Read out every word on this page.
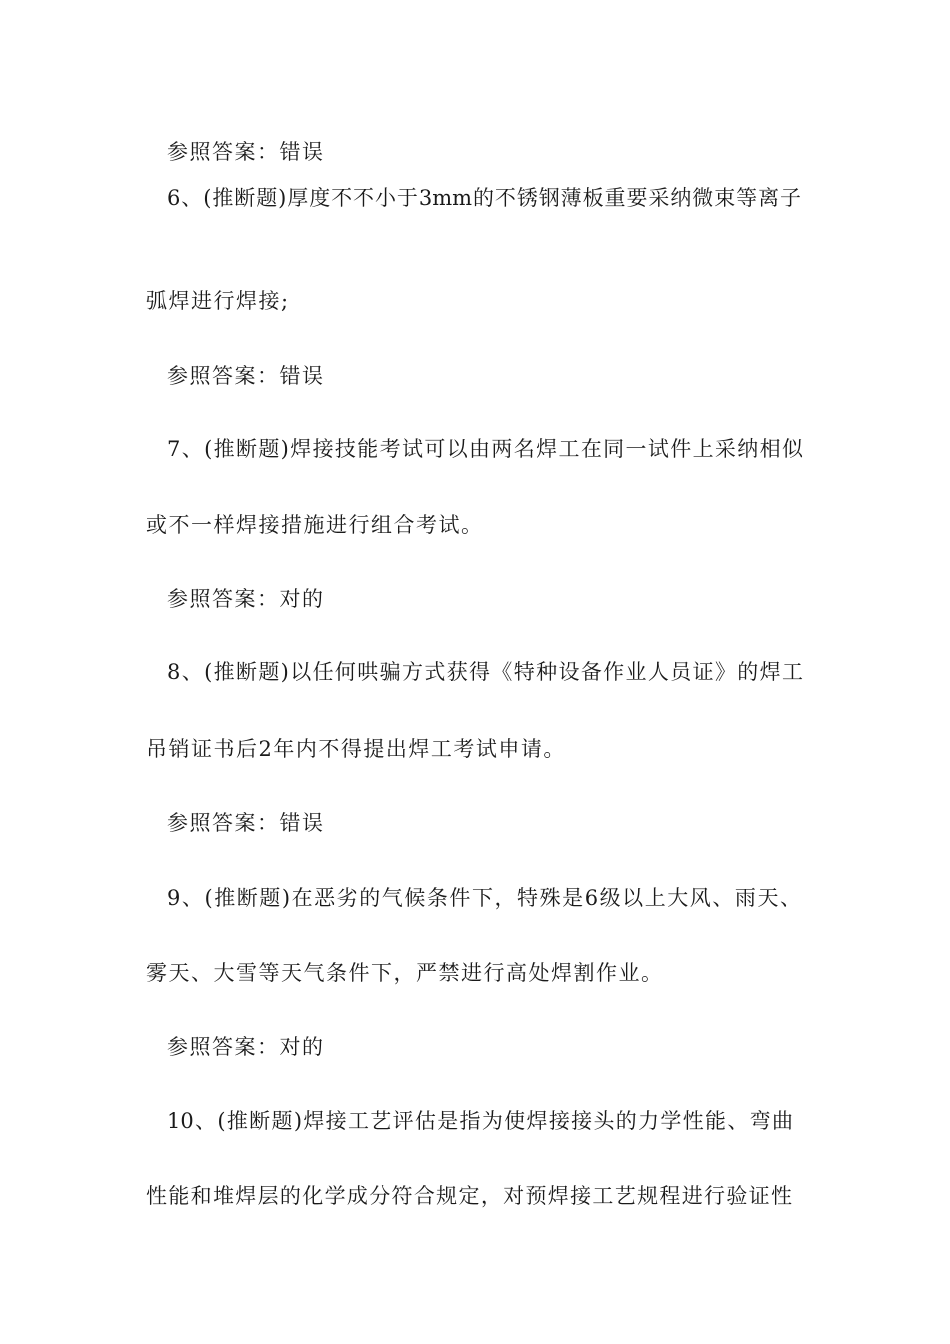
参照答案：错误
6、(推断题)厚度不不小于3mm的不锈钢薄板重要采纳微束等离子
弧焊进行焊接;
参照答案：错误
7、(推断题)焊接技能考试可以由两名焊工在同一试件上采纳相似
或不一样焊接措施进行组合考试。
参照答案：对的
8、(推断题)以任何哄骗方式获得《特种设备作业人员证》的焊工
吊销证书后2年内不得提出焊工考试申请。
参照答案：错误
9、(推断题)在恶劣的气候条件下，特殊是6级以上大风、雨天、
雾天、大雪等天气条件下，严禁进行高处焊割作业。
参照答案：对的
10、(推断题)焊接工艺评估是指为使焊接接头的力学性能、弯曲
性能和堆焊层的化学成分符合规定，对预焊接工艺规程进行验证性
